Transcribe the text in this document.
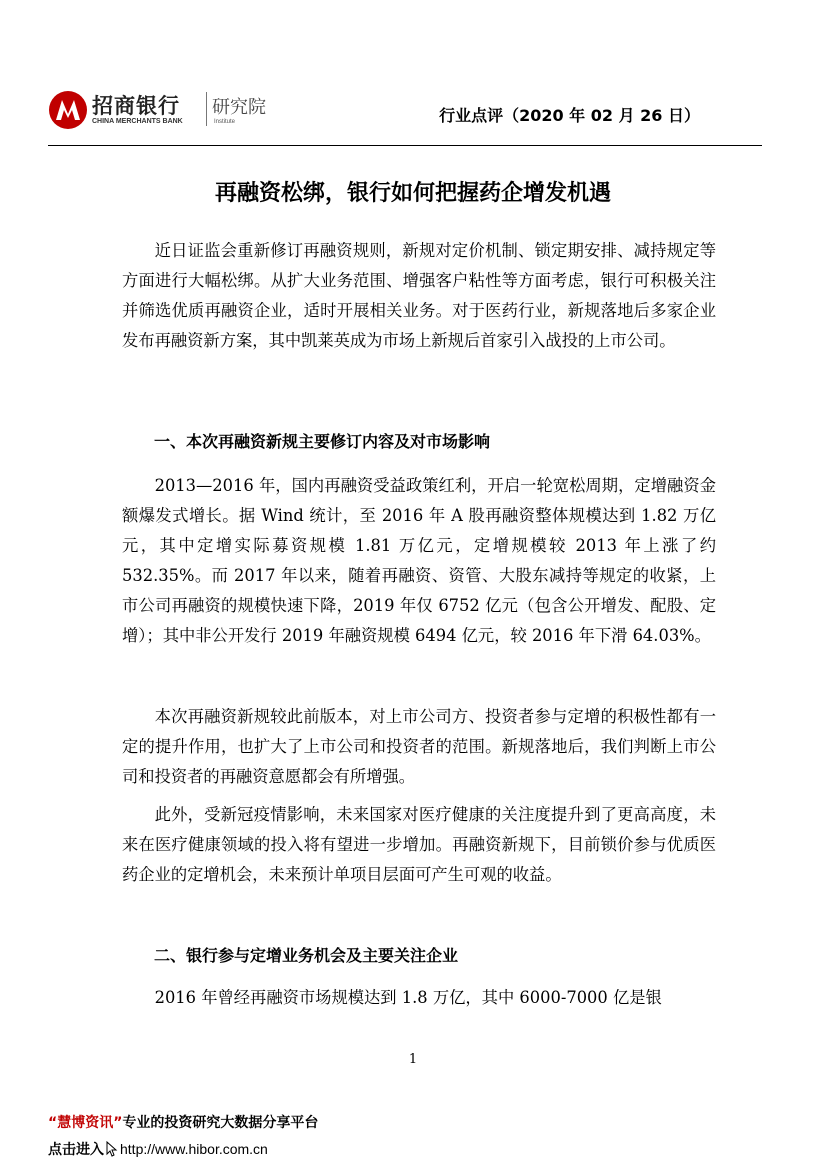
招商银行
CHINA MERCHANTS BANK
研究院
Institute	行业点评（2020 年 02 月 26 日）
再融资松绑，银行如何把握药企增发机遇

近日证监会重新修订再融资规则，新规对定价机制、锁定期安排、减持规定等方面进行大幅松绑。从扩大业务范围、增强客户粘性等方面考虑，银行可积极关注并筛选优质再融资企业，适时开展相关业务。对于医药行业，新规落地后多家企业发布再融资新方案，其中凯莱英成为市场上新规后首家引入战投的上市公司。

一、本次再融资新规主要修订内容及对市场影响

2013—2016 年，国内再融资受益政策红利，开启一轮宽松周期，定增融资金额爆发式增长。据 Wind 统计，至 2016 年 A 股再融资整体规模达到 1.82 万亿元，其中定增实际募资规模 1.81 万亿元，定增规模较 2013 年上涨了约 532.35%。而 2017 年以来，随着再融资、资管、大股东减持等规定的收紧，上市公司再融资的规模快速下降，2019 年仅 6752 亿元（包含公开增发、配股、定增）；其中非公开发行 2019 年融资规模 6494 亿元，较 2016 年下滑 64.03%。

本次再融资新规较此前版本，对上市公司方、投资者参与定增的积极性都有一定的提升作用，也扩大了上市公司和投资者的范围。新规落地后，我们判断上市公司和投资者的再融资意愿都会有所增强。

此外，受新冠疫情影响，未来国家对医疗健康的关注度提升到了更高高度，未来在医疗健康领域的投入将有望进一步增加。再融资新规下，目前锁价参与优质医药企业的定增机会，未来预计单项目层面可产生可观的收益。

二、银行参与定增业务机会及主要关注企业

2016 年曾经再融资市场规模达到 1.8 万亿，其中 6000-7000 亿是银

1
“慧博资讯”专业的投资研究大数据分享平台
点击进入 http://www.hibor.com.cn
